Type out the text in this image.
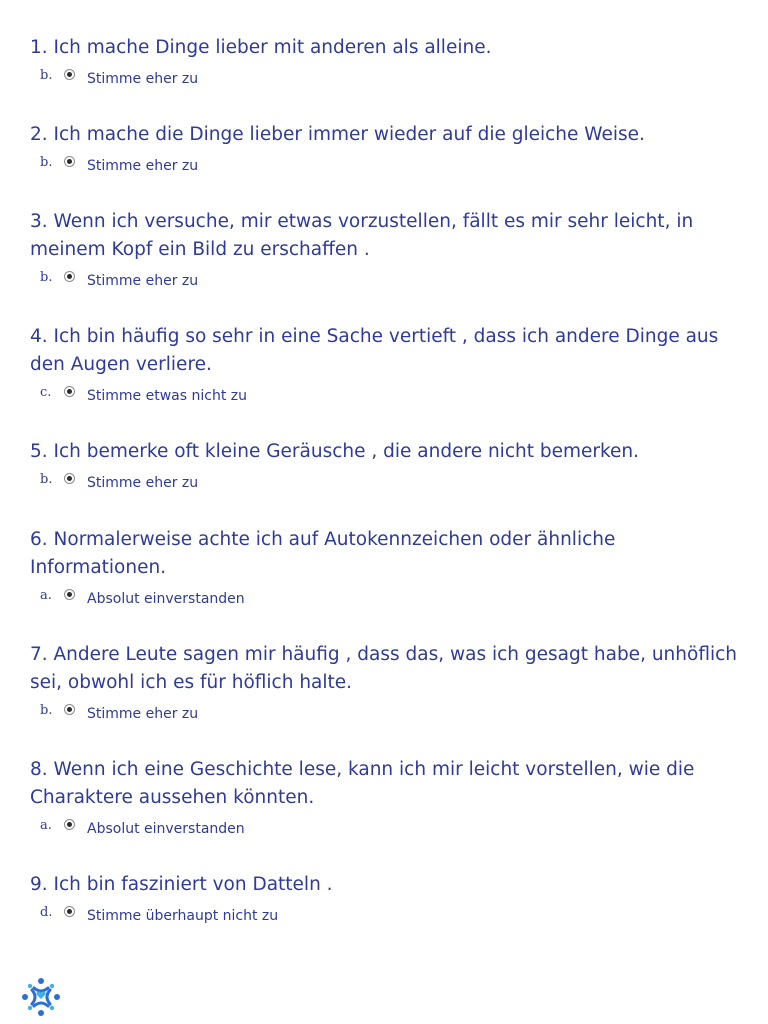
1. Ich mache Dinge lieber mit anderen als alleine.

b. Stimme eher zu

2. Ich mache die Dinge lieber immer wieder auf die gleiche Weise.

b. Stimme eher zu

3. Wenn ich versuche, mir etwas vorzustellen, fällt es mir sehr leicht, in meinem Kopf ein Bild zu erschaffen .

b. Stimme eher zu

4. Ich bin häufig so sehr in eine Sache vertieft , dass ich andere Dinge aus den Augen verliere.

c.	Stimme etwas nicht zu

5. Ich bemerke oft kleine Geräusche , die andere nicht bemerken.

b. Stimme eher zu

6. Normalerweise achte ich auf Autokennzeichen oder ähnliche Informationen.

a.	Absolut einverstanden

7. Andere Leute sagen mir häufig , dass das, was ich gesagt habe, unhöflich sei, obwohl ich es für höflich halte.

b. Stimme eher zu

8. Wenn ich eine Geschichte lese, kann ich mir leicht vorstellen, wie die Charaktere aussehen könnten.

a.	Absolut einverstanden

9. Ich bin fasziniert von Datteln .

d. Stimme überhaupt nicht zu
